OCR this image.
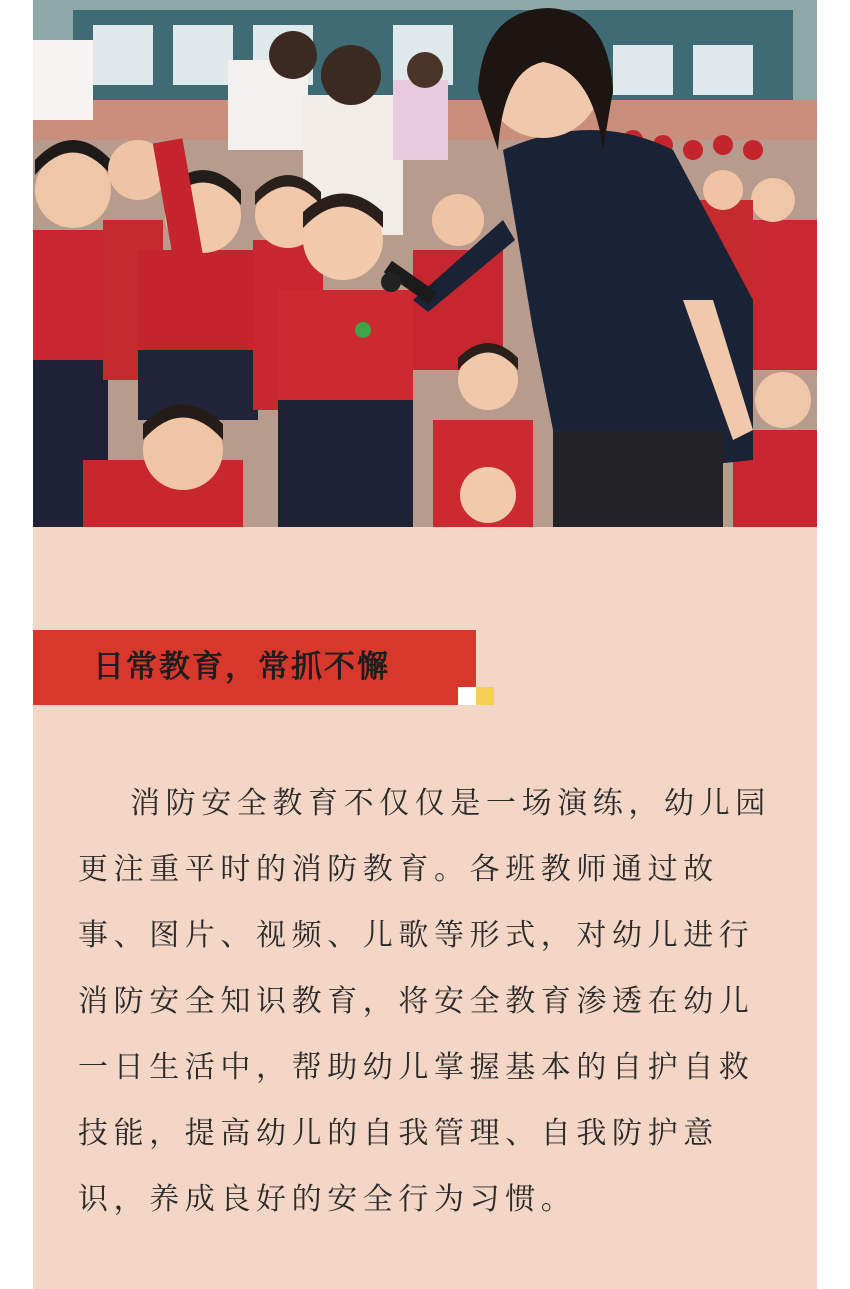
日常教育，常抓不懈

消防安全教育不仅仅是一场演练，幼儿园更注重平时的消防教育。各班教师通过故事、图片、视频、儿歌等形式，对幼儿进行消防安全知识教育，将安全教育渗透在幼儿一日生活中，帮助幼儿掌握基本的自护自救技能，提高幼儿的自我管理、自我防护意识，养成良好的安全行为习惯。
